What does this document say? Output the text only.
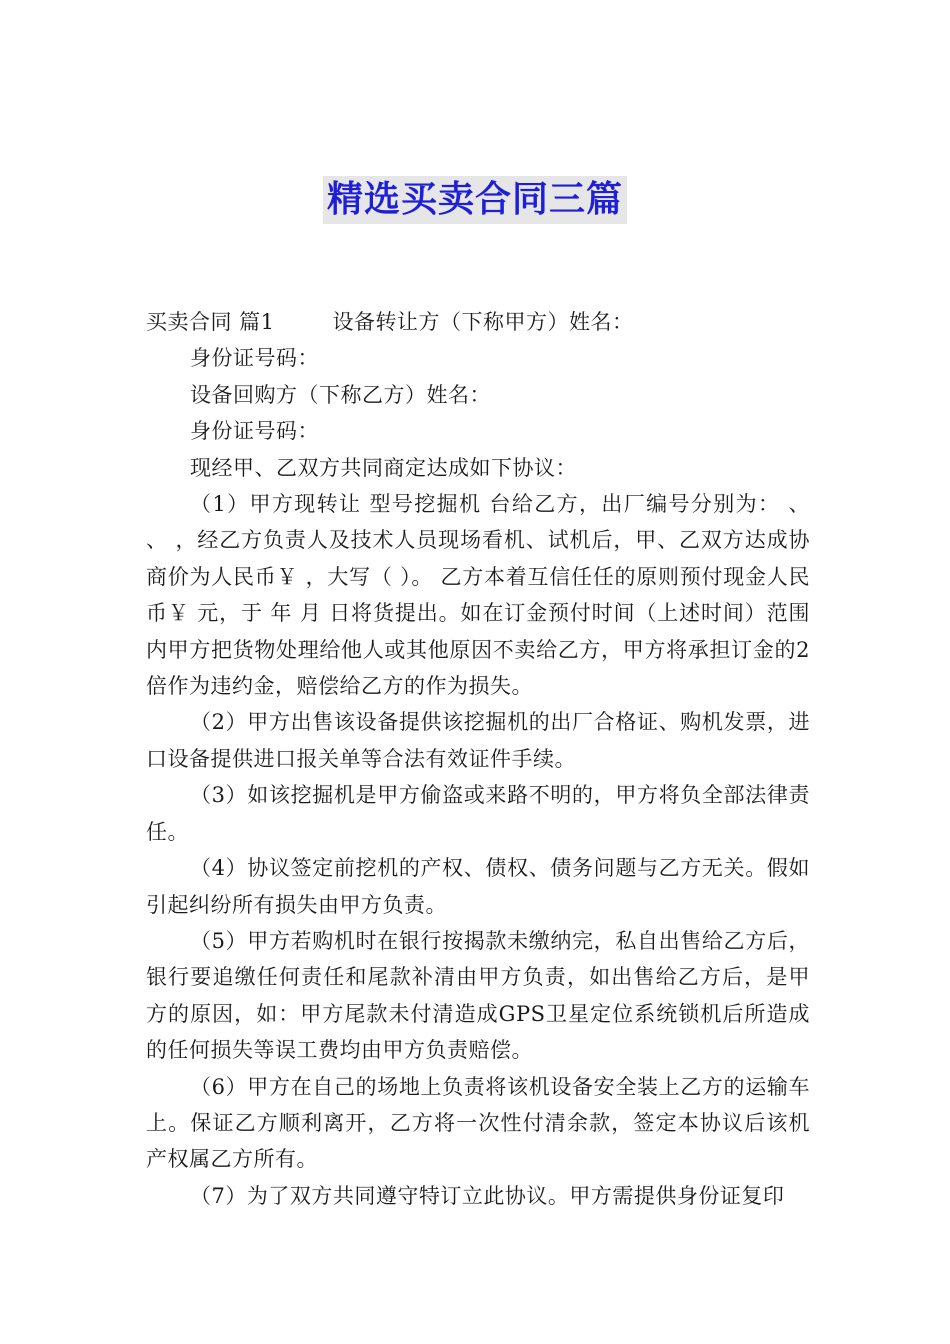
精选买卖合同三篇

买卖合同 篇1	设备转让方（下称甲方）姓名：

身份证号码：

设备回购方（下称乙方）姓名：

身份证号码：

现经甲、乙双方共同商定达成如下协议：

（1）甲方现转让 型号挖掘机 台给乙方，出厂编号分别为： 、 、 ，经乙方负责人及技术人员现场看机、试机后，甲、乙双方达成协商价为人民币￥ ，大写（ ）。 乙方本着互信任任的原则预付现金人民币￥ 元，于 年 月 日将货提出。如在订金预付时间（上述时间）范围内甲方把货物处理给他人或其他原因不卖给乙方，甲方将承担订金的2倍作为违约金，赔偿给乙方的作为损失。

（2）甲方出售该设备提供该挖掘机的出厂合格证、购机发票，进口设备提供进口报关单等合法有效证件手续。

（3）如该挖掘机是甲方偷盗或来路不明的，甲方将负全部法律责任。

（4）协议签定前挖机的产权、债权、债务问题与乙方无关。假如引起纠纷所有损失由甲方负责。

（5）甲方若购机时在银行按揭款未缴纳完，私自出售给乙方后，银行要追缴任何责任和尾款补清由甲方负责，如出售给乙方后，是甲方的原因，如：甲方尾款未付清造成GPS卫星定位系统锁机后所造成的任何损失等误工费均由甲方负责赔偿。

（6）甲方在自己的场地上负责将该机设备安全装上乙方的运输车上。保证乙方顺利离开，乙方将一次性付清余款，签定本协议后该机产权属乙方所有。

（7）为了双方共同遵守特订立此协议。甲方需提供身份证复印
